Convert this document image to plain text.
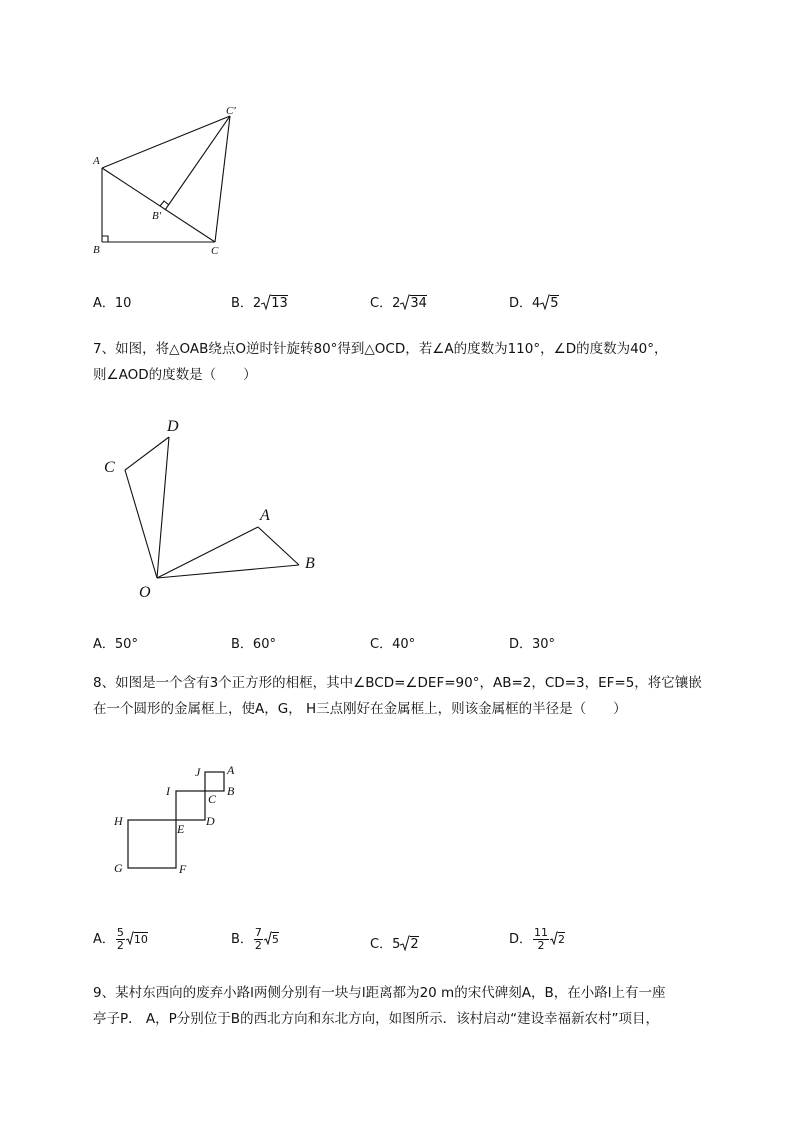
A
B	C
B′
C′
A．10	B．2 13	C．2 34	D．4 5
7、如图，将△OAB绕点O逆时针旋转80°得到△OCD，若∠A的度数为110°，∠D的度数为40°，
则∠AOD的度数是（　　）
D
C
A
B
O
A．50°	B．60°	C．40°	D．30°
8、如图是一个含有3个正方形的相框，其中∠BCD=∠DEF=90°，AB=2，CD=3，EF=5，将它镶嵌
在一个圆形的金属框上，使A，G， H三点刚好在金属框上，则该金属框的半径是（　　）
J A
I
C
B
H
E
D
G	F
A． $\frac{5}{2} 10$	B． $\frac{7}{2} 5$	C．5 2	D． $\frac{11}{2} 2$
9、某村东西向的废弃小路l两侧分别有一块与l距离都为20 m的宋代碑刻A，B，在小路l上有一座
亭子P． A，P分别位于B的西北方向和东北方向，如图所示．该村启动“建设幸福新农村”项目，
